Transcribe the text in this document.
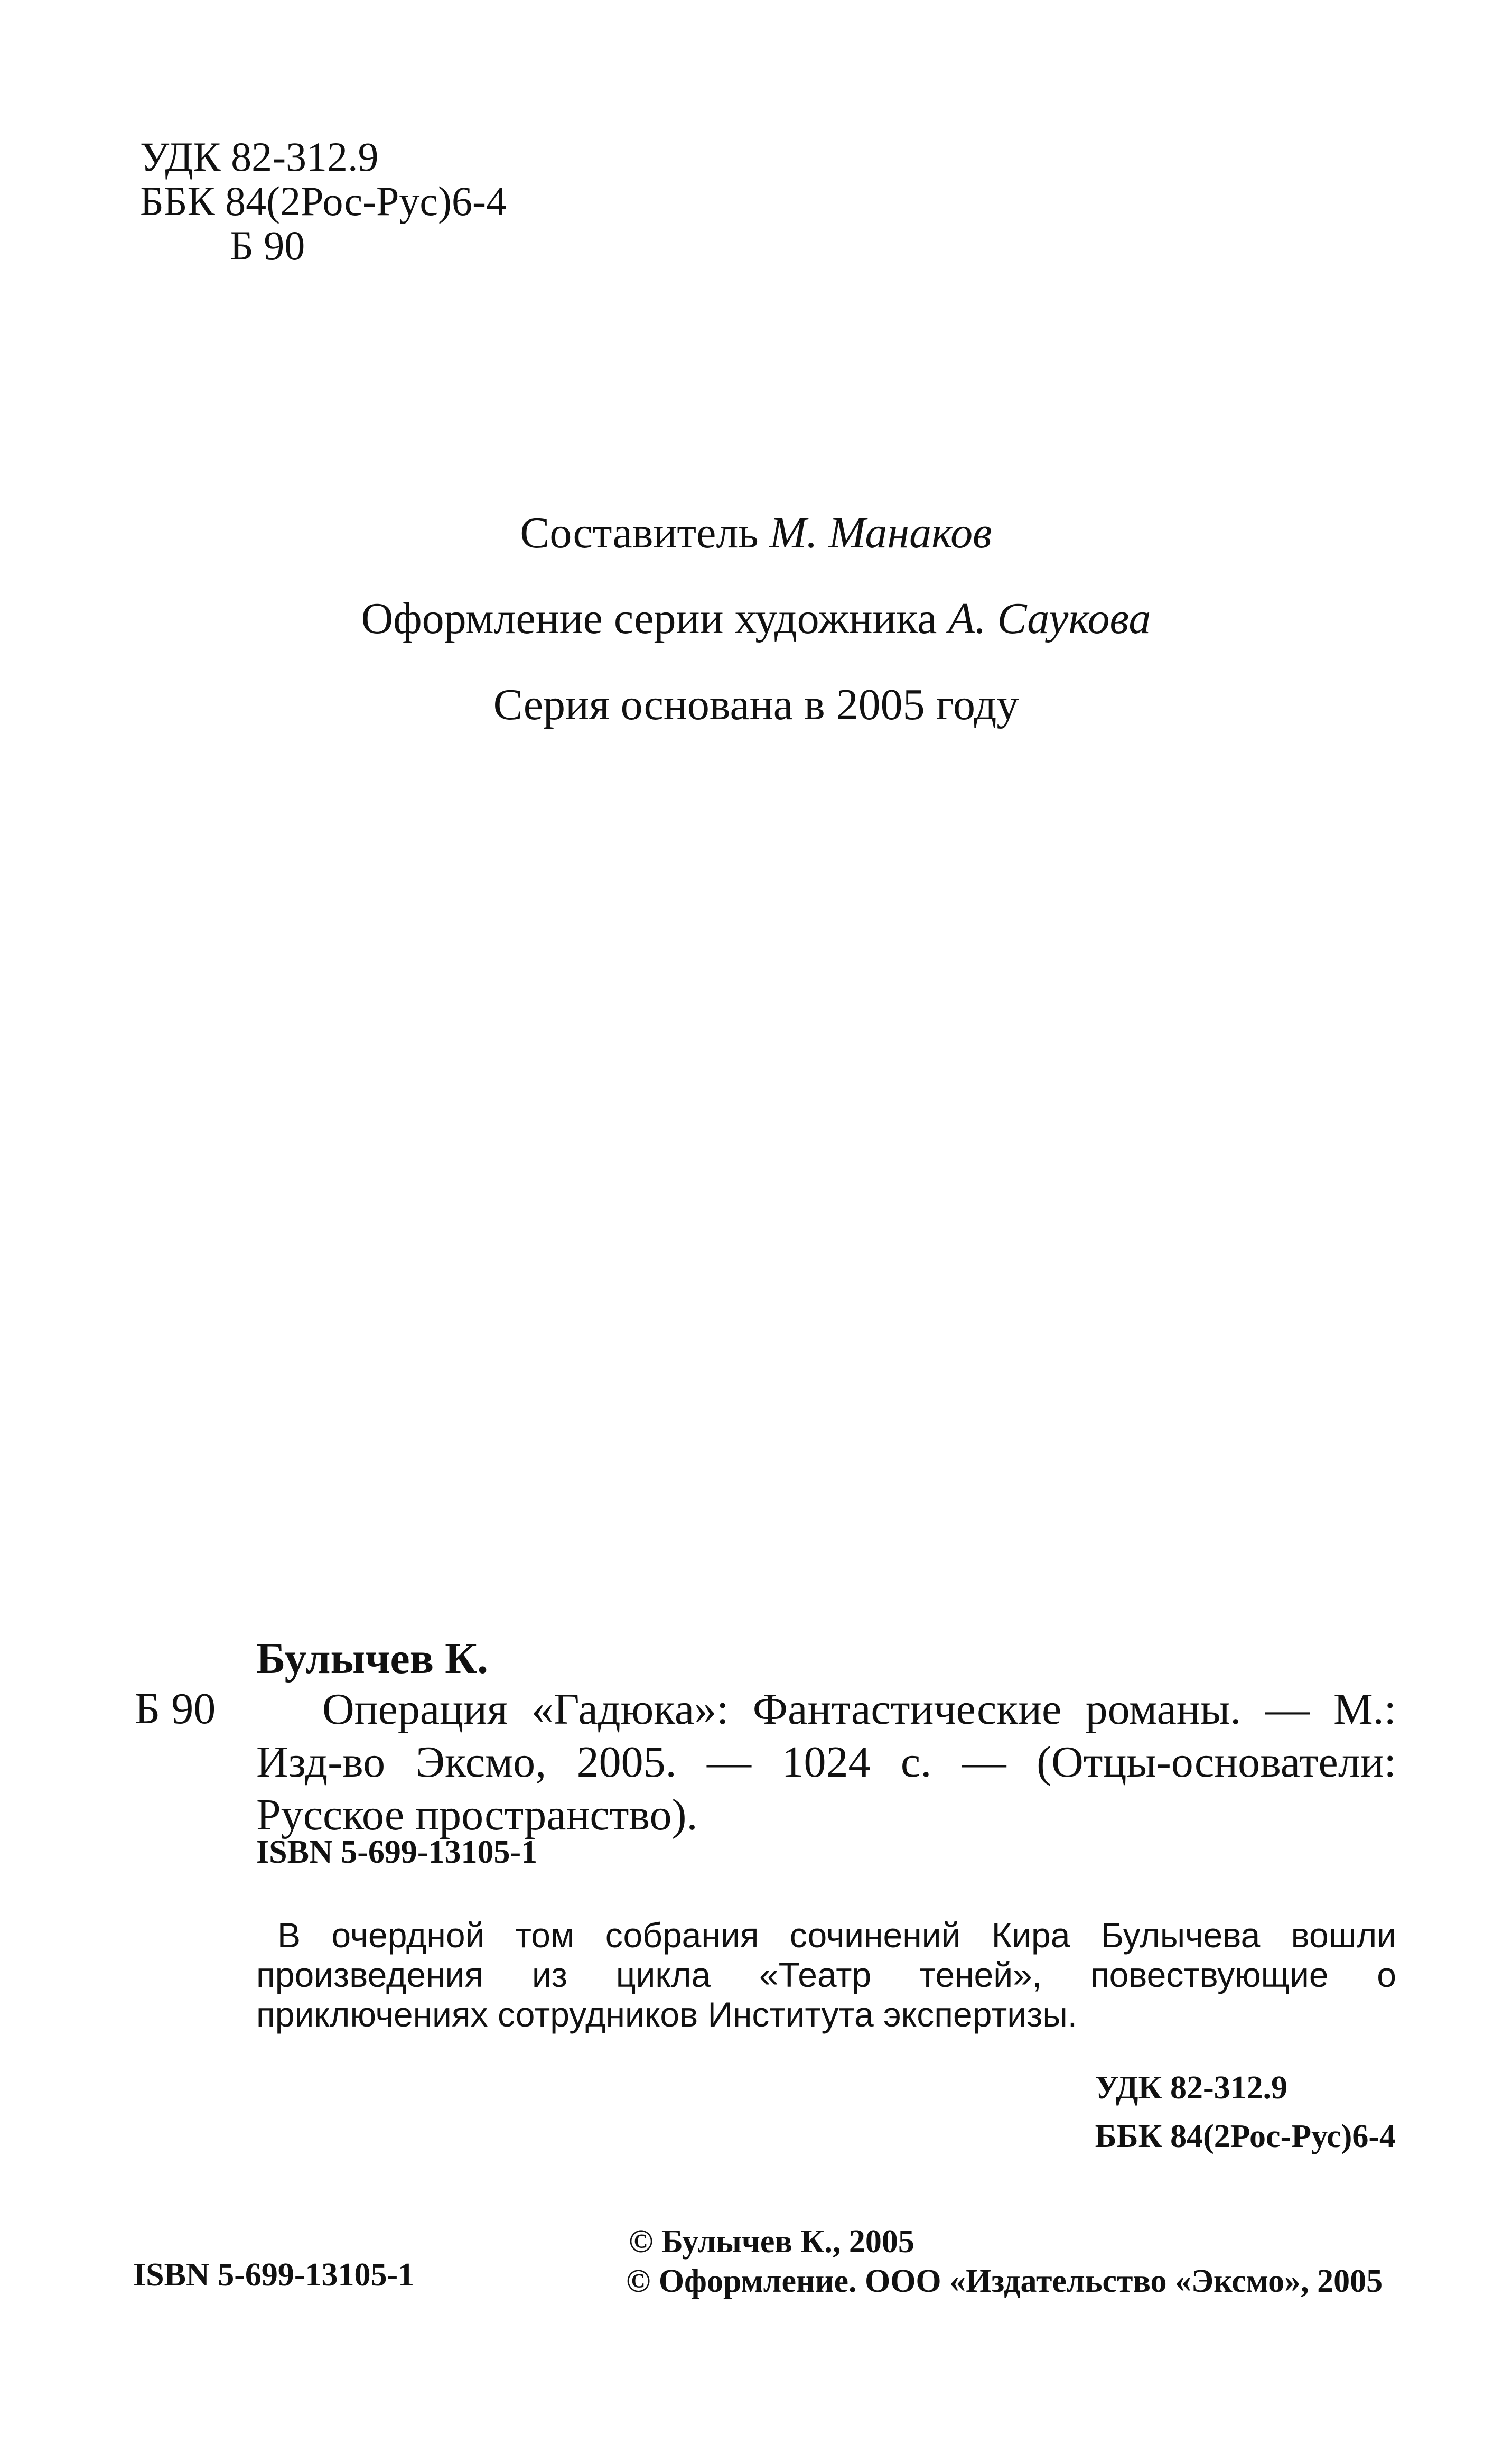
УДК 82-312.9
ББК 84(2Рос-Рус)6-4
Б 90
Составитель М. Манаков
Оформление серии художника А. Саукова
Серия основана в 2005 году
Булычев К.
Б 90	Операция «Гадюка»: Фантастические романы. — М.: Изд-во Эксмо, 2005. — 1024 с. — (Отцы-основатели: Русское пространство).
ISBN 5-699-13105-1
В очердной том собрания сочинений Кира Булычева вошли произведения из цикла «Театр теней», повествующие о приключениях сотрудников Института экспертизы.
УДК 82-312.9
ББК 84(2Рос-Рус)6-4
ISBN 5-699-13105-1
© Булычев К., 2005
© Оформление. ООО «Издательство «Эксмо», 2005
